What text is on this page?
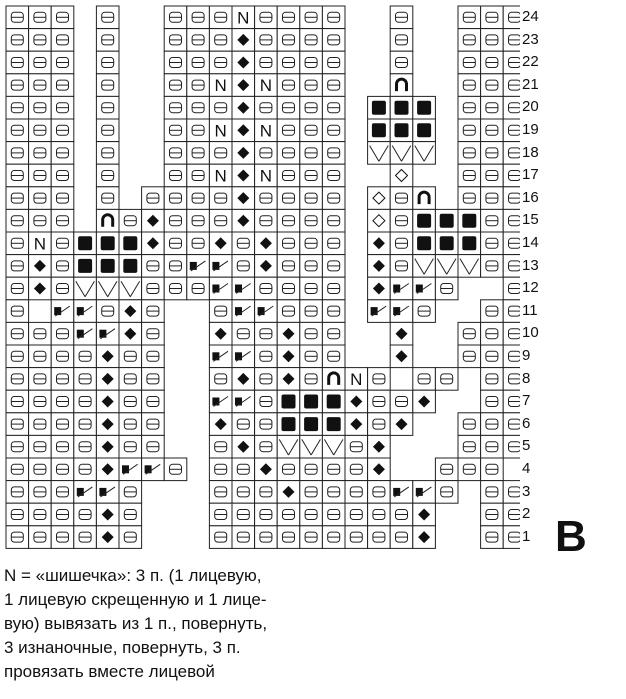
N
N N
N N
N N
N
N
24
23
22
21
20
19
18
17
16
15
14
13
12
11
10
9
8
7
6
5
4
3
2
1 B
N = «шишечка»: 3 п. (1 лицевую,
1 лицевую скрещенную и 1 лице-
вую) вывязать из 1 п., повернуть,
3 изнаночные, повернуть, 3 п.
провязать вместе лицевой
